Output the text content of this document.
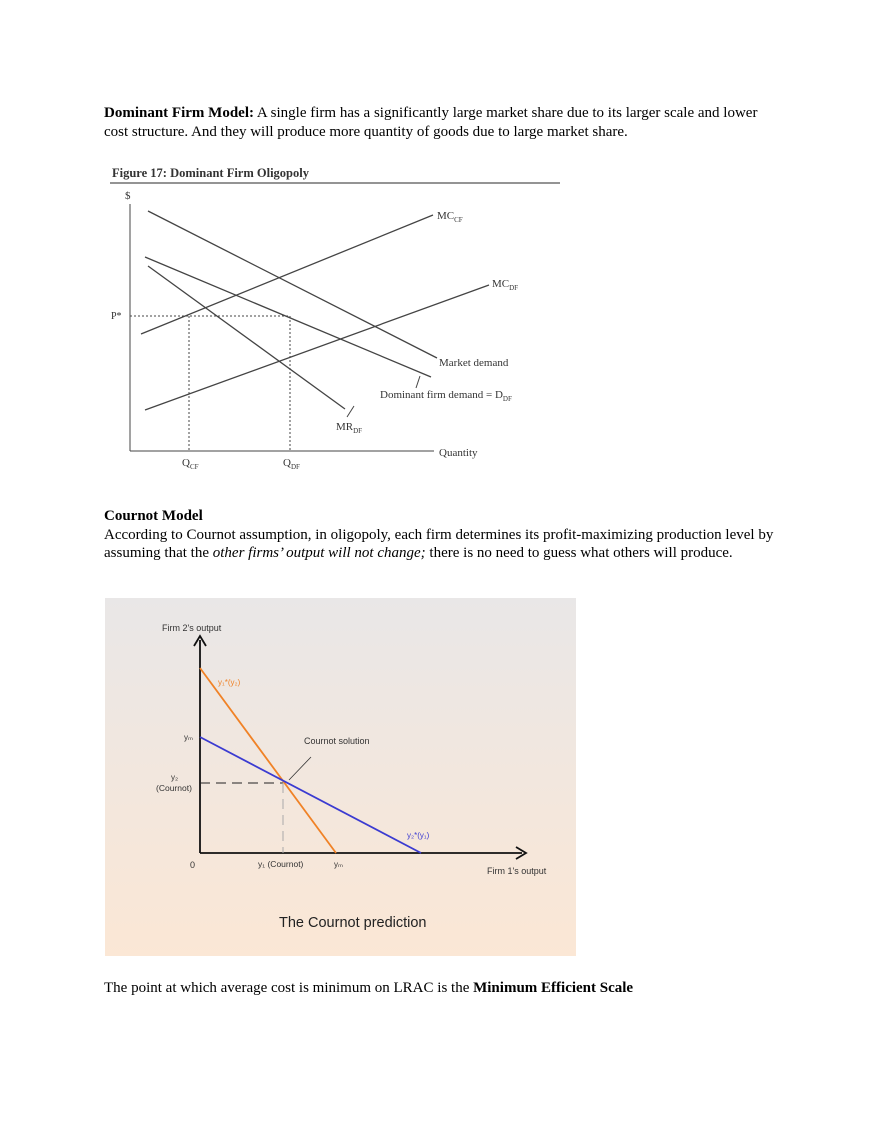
Dominant Firm Model: A single firm has a significantly large market share due to its larger scale and lower cost structure. And they will produce more quantity of goods due to large market share.
Figure 17: Dominant Firm Oligopoly
$
Quantity
P*
$MC_{CF}$
$MC_{DF}$
Market demand
Dominant firm demand = $D_{DF}$
$MR_{DF}$
$Q_{CF}$	$Q_{DF}$
Cournot Model
According to Cournot assumption, in oligopoly, each firm determines its profit-maximizing production level by assuming that the other firms’ output will not change; there is no need to guess what others will produce.
Firm 2's output
Firm 1's output
0
y₁*(y₂)
y₂*(y₁)
yₘ
y₂
(Cournot)
y₁ (Cournot)	yₘ
Cournot solution
The Cournot prediction
The point at which average cost is minimum on LRAC is the Minimum Efficient Scale
